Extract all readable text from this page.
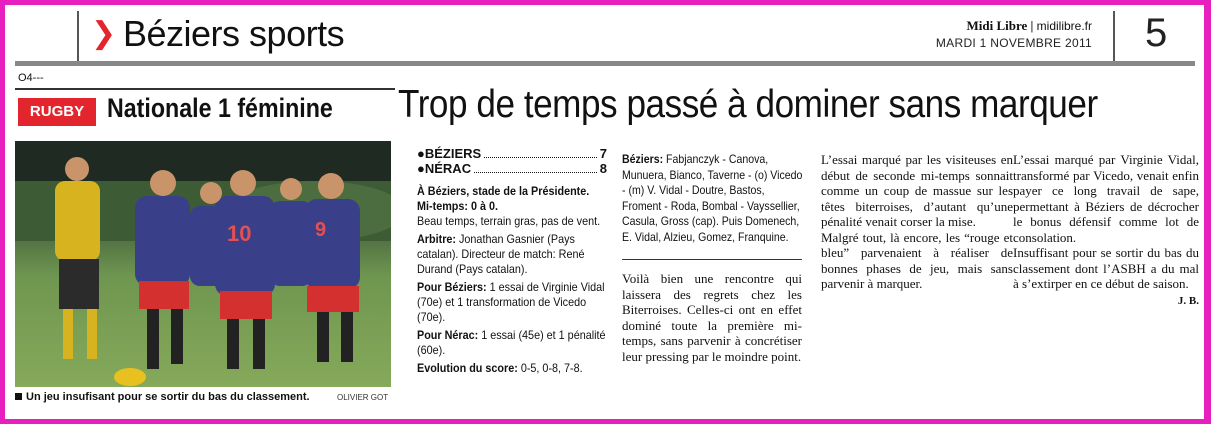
❯ Béziers sports	Midi Libre | midilibre.fr
MARDI 1 NOVEMBRE 2011 5
O4---
RUGBY Nationale 1 féminine Trop de temps passé à dominer sans marquer
10	9
Un jeu insufisant pour se sortir du bas du classement.	OLIVIER GOT
●BÉZIERS	7
●NÉRAC	8

À Béziers, stade de la Présidente. Mi-temps: 0 à 0.
Beau temps, terrain gras, pas de vent.

Arbitre: Jonathan Gasnier (Pays catalan). Directeur de match: René Durand (Pays catalan).

Pour Béziers: 1 essai de Virginie Vidal (70e) et 1 transformation de Vicedo (70e).

Pour Nérac: 1 essai (45e) et 1 pénalité (60e).

Evolution du score: 0-5, 0-8, 7-8.

Béziers: Fabjanczyk - Canova, Munuera, Bianco, Taverne - (o) Vicedo - (m) V. Vidal - Doutre, Bastos, Froment - Roda, Bombal - Vayssellier, Casula, Gross (cap). Puis Domenech, E. Vidal, Alzieu, Gomez, Franquine.

Voilà bien une rencontre qui laissera des regrets chez les Biterroises. Celles-ci ont en effet dominé toute la première mi-temps, sans parvenir à concrétiser leur pressing par le moindre point.
L’essai marqué par les visiteuses en début de seconde mi-temps sonnait comme un coup de massue sur les têtes biterroises, d’autant qu’une pénalité venait corser la mise.
Malgré tout, là encore, les “rouge et bleu” parvenaient à réaliser de bonnes phases de jeu, mais sans parvenir à marquer.
L’essai marqué par Virginie Vidal, transformé par Vicedo, venait enfin payer ce long travail de sape, permettant à Béziers de décrocher le bonus défensif comme lot de consolation.
Insuffisant pour se sortir du bas du classement dont l’ASBH a du mal à s’extirper en ce début de saison.
J. B.
